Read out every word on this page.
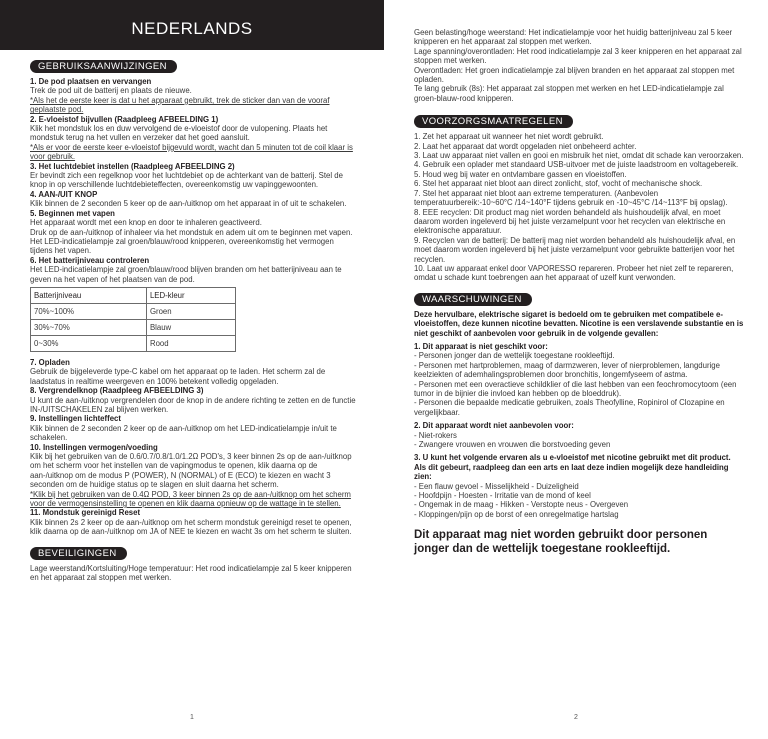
NEDERLANDS
GEBRUIKSAANWIJZINGEN

1. De pod plaatsen en vervangen

Trek de pod uit de batterij en plaats de nieuwe.

*Als het de eerste keer is dat u het apparaat gebruikt, trek de sticker dan van de vooraf geplaatste pod.

2. E-vloeistof bijvullen (Raadpleeg AFBEELDING 1)

Klik het mondstuk los en duw vervolgend de e-vloeistof door de vulopening. Plaats het mondstuk terug na het vullen en verzeker dat het goed aansluit.

*Als er voor de eerste keer e-vloeistof bijgevuld wordt, wacht dan 5 minuten tot de coil klaar is voor gebruik.

3. Het luchtdebiet instellen (Raadpleeg AFBEELDING 2)

Er bevindt zich een regelknop voor het luchtdebiet op de achterkant van de batterij. Stel de knop in op verschillende luchtdebieteffecten, overeenkomstig uw vapinggewoonten.

4. AAN-/UIT KNOP

Klik binnen de 2 seconden 5 keer op de aan-/uitknop om het apparaat in of uit te schakelen.

5. Beginnen met vapen

Het apparaat wordt met een knop en door te inhaleren geactiveerd.

Druk op de aan-/uitknop of inhaleer via het mondstuk en adem uit om te beginnen met vapen. Het LED-indicatielampje zal groen/blauw/rood knipperen, overeenkomstig het vermogen tijdens het vapen.

6. Het batterijniveau controleren

Het LED-indicatielampje zal groen/blauw/rood blijven branden om het batterijniveau aan te geven na het vapen of het plaatsen van de pod.

Batterijniveau	LED-kleur
70%~100%	Groen
30%~70%	Blauw
0~30%	Rood

7. Opladen

Gebruik de bijgeleverde type-C kabel om het apparaat op te laden. Het scherm zal de laadstatus in realtime weergeven en 100% betekent volledig opgeladen.

8. Vergrendelknop (Raadpleeg AFBEELDING 3)

U kunt de aan-/uitknop vergrendelen door de knop in de andere richting te zetten en de functie IN-/UITSCHAKELEN zal blijven werken.

9. Instellingen lichteffect

Klik binnen de 2 seconden 2 keer op de aan-/uitknop om het LED-indicatielampje in/uit te schakelen.

10. Instellingen vermogen/voeding

Klik bij het gebruiken van de 0.6/0.7/0.8/1.0/1.2Ω POD's, 3 keer binnen 2s op de aan-/uitknop om het scherm voor het instellen van de vapingmodus te openen, klik daarna op de aan-/uitknop om de modus P (POWER), N (NORMAL) of E (ECO) te kiezen en wacht 3 seconden om de huidige status op te slagen en sluit daarna het scherm.

*Klik bij het gebruiken van de 0.4Ω POD, 3 keer binnen 2s op de aan-/uitknop om het scherm voor de vermogensinstelling te openen en klik daarna opnieuw op de wattage in te stellen.

11. Mondstuk gereinigd Reset

Klik binnen 2s 2 keer op de aan-/uitknop om het scherm mondstuk gereinigd reset te openen, klik daarna op de aan-/uitknop om JA of NEE te kiezen en wacht 3s om het scherm te sluiten.

BEVEILIGINGEN

Lage weerstand/Kortsluiting/Hoge temperatuur: Het rood indicatielampje zal 5 keer knipperen en het apparaat zal stoppen met werken.

1

Geen belasting/hoge weerstand: Het indicatielampje voor het huidig batterijniveau zal 5 keer knipperen en het apparaat zal stoppen met werken.

Lage spanning/overontladen: Het rood indicatielampje zal 3 keer knipperen en het apparaat zal stoppen met werken.

Overontladen: Het groen indicatielampje zal blijven branden en het apparaat zal stoppen met opladen.

Te lang gebruik (8s): Het apparaat zal stoppen met werken en het LED-indicatielampje zal groen-blauw-rood knipperen.

VOORZORGSMAATREGELEN

1. Zet het apparaat uit wanneer het niet wordt gebruikt.

2. Laat het apparaat dat wordt opgeladen niet onbeheerd achter.

3. Laat uw apparaat niet vallen en gooi en misbruik het niet, omdat dit schade kan veroorzaken.

4. Gebruik een oplader met standaard USB-uitvoer met de juiste laadstroom en voltagebereik.

5. Houd weg bij water en ontvlambare gassen en vloeistoffen.

6. Stel het apparaat niet bloot aan direct zonlicht, stof, vocht of mechanische shock.

7. Stel het apparaat niet bloot aan extreme temperaturen. (Aanbevolen temperatuurbereik:-10~60°C /14~140°F tijdens gebruik en -10~45°C /14~113°F bij opslag).

8. EEE recyclen: Dit product mag niet worden behandeld als huishoudelijk afval, en moet daarom worden ingeleverd bij het juiste verzamelpunt voor het recyclen van elektrische en elektronische apparatuur.

9. Recyclen van de batterij: De batterij mag niet worden behandeld als huishoudelijk afval, en moet daarom worden ingeleverd bij het juiste verzamelpunt voor gebruikte batterijen voor het recyclen.

10. Laat uw apparaat enkel door VAPORESSO repareren. Probeer het niet zelf te repareren, omdat u schade kunt toebrengen aan het apparaat of uzelf kunt verwonden.

WAARSCHUWINGEN

Deze hervulbare, elektrische sigaret is bedoeld om te gebruiken met compatibele e-vloeistoffen, deze kunnen nicotine bevatten. Nicotine is een verslavende substantie en is niet geschikt of aanbevolen voor gebruik in de volgende gevallen:

1. Dit apparaat is niet geschikt voor:

- Personen jonger dan de wettelijk toegestane rookleeftijd.

- Personen met hartproblemen, maag of darmzweren, lever of nierproblemen, langdurige keelziekten of ademhalingsproblemen door bronchitis, longemfyseem of astma.

- Personen met een overactieve schildklier of die last hebben van een feochromocytoom (een tumor in de bijnier die invloed kan hebben op de bloeddruk).

- Personen die bepaalde medicatie gebruiken, zoals Theofylline, Ropinirol of Clozapine en vergelijkbaar.

2. Dit apparaat wordt niet aanbevolen voor:

- Niet-rokers

- Zwangere vrouwen en vrouwen die borstvoeding geven

3. U kunt het volgende ervaren als u e-vloeistof met nicotine gebruikt met dit product. Als dit gebeurt, raadpleeg dan een arts en laat deze indien mogelijk deze handleiding zien:

- Een flauw gevoel - Misselijkheid - Duizeligheid

- Hoofdpijn - Hoesten - Irritatie van de mond of keel

- Ongemak in de maag - Hikken - Verstopte neus - Overgeven

- Kloppingen/pijn op de borst of een onregelmatige hartslag

Dit apparaat mag niet worden gebruikt door personen jonger dan de wettelijk toegestane rookleeftijd.

2
